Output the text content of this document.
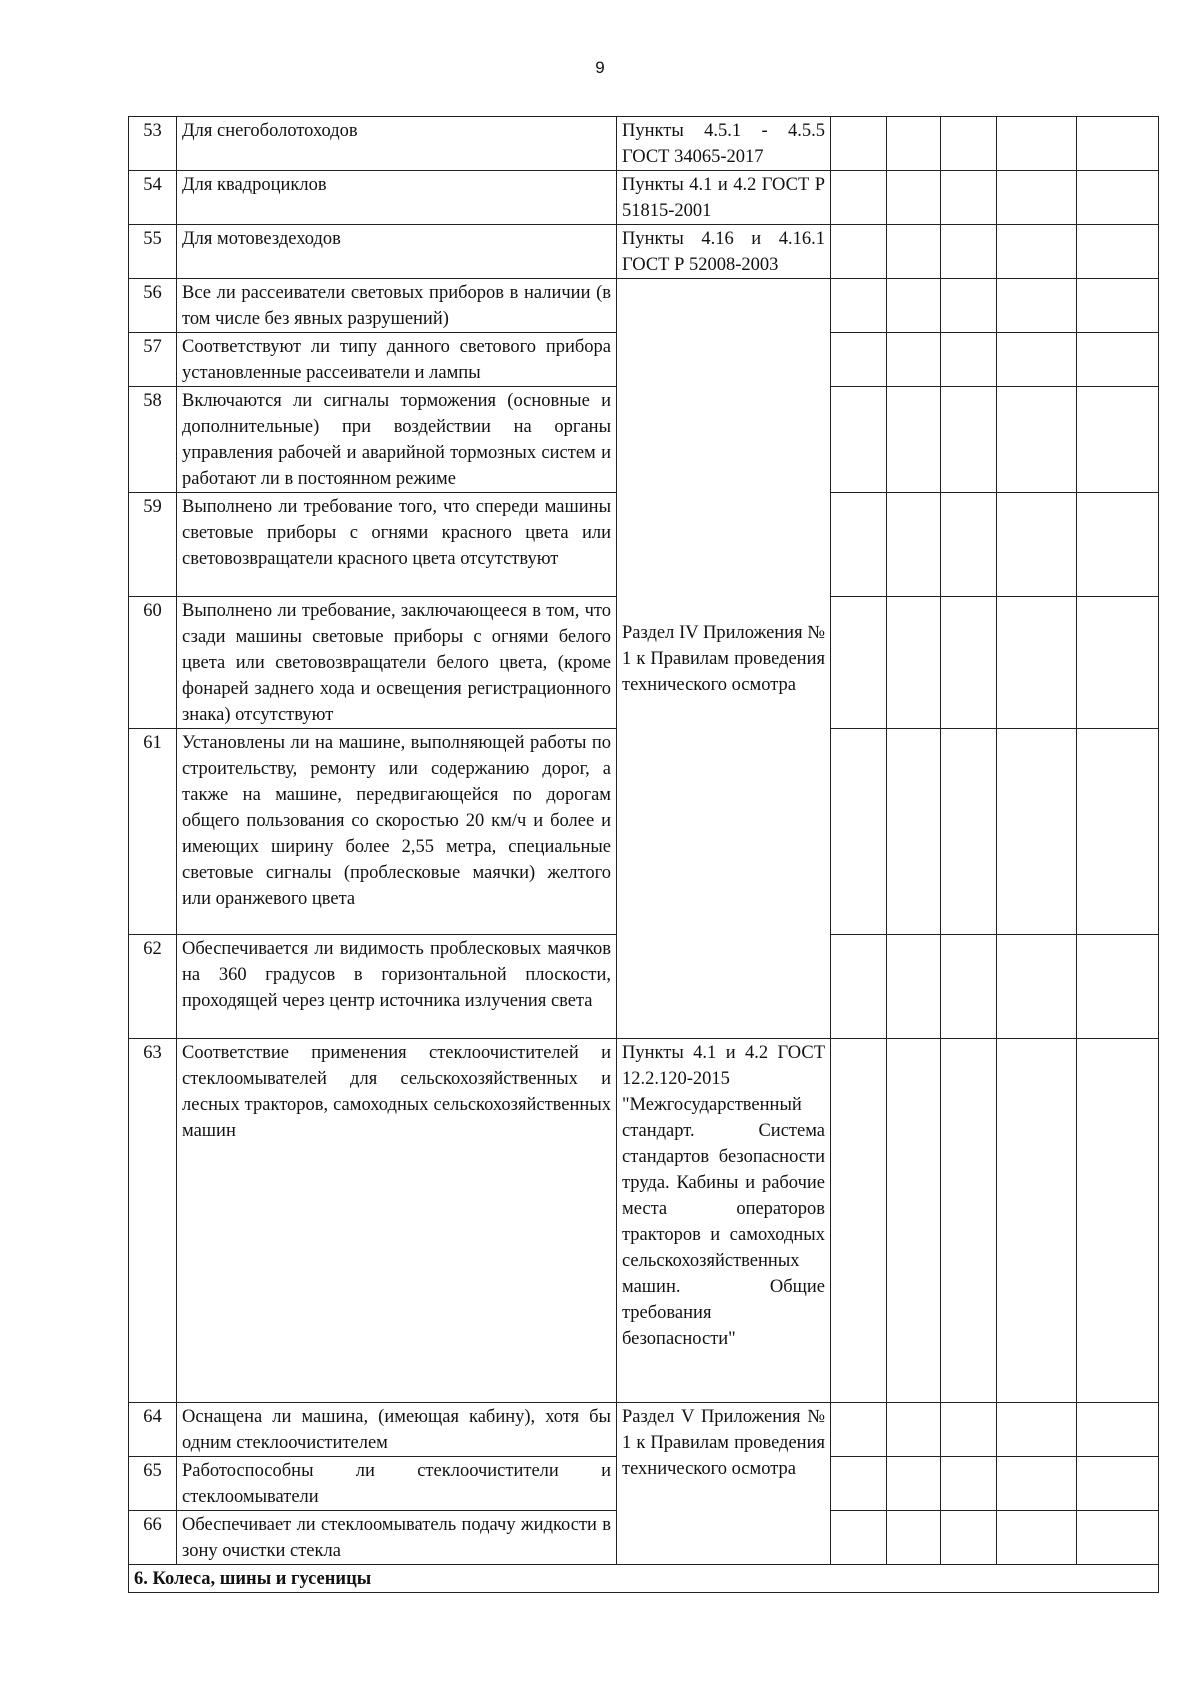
9
53	Для снегоболотоходов	Пункты 4.5.1 - 4.5.5 ГОСТ 34065-2017					
54	Для квадроциклов	Пункты 4.1 и 4.2 ГОСТ Р 51815-2001					
55	Для мотовездеходов	Пункты 4.16 и 4.16.1 ГОСТ Р 52008-2003					
56	Все ли рассеиватели световых приборов в наличии (в том числе без явных разрушений)	Раздел IV Приложения № 1 к Правилам проведения технического осмотра					
57	Соответствуют ли типу данного светового прибора установленные рассеиватели и лампы						
58	Включаются ли сигналы торможения (основные и дополнительные) при воздействии на органы управления рабочей и аварийной тормозных систем и работают ли в постоянном режиме						
59	Выполнено ли требование того, что спереди машины световые приборы с огнями красного цвета или световозвращатели красного цвета отсутствуют						
60	Выполнено ли требование, заключающееся в том, что сзади машины световые приборы с огнями белого цвета или световозвращатели белого цвета, (кроме фонарей заднего хода и освещения регистрационного знака) отсутствуют						
61	Установлены ли на машине, выполняющей работы по строительству, ремонту или содержанию дорог, а также на машине, передвигающейся по дорогам общего пользования со скоростью 20 км/ч и более и имеющих ширину более 2,55 метра, специальные световые сигналы (проблесковые маячки) желтого или оранжевого цвета						
62	Обеспечивается ли видимость проблесковых маячков на 360 градусов в горизонтальной плоскости, проходящей через центр источника излучения света						
63	Соответствие применения стеклоочистителей и стеклоомывателей для сельскохозяйственных и лесных тракторов, самоходных сельскохозяйственных машин	Пункты 4.1 и 4.2 ГОСТ 12.2.120-2015 "Межгосударственный стандарт. Система стандартов безопасности труда. Кабины и рабочие места операторов тракторов и самоходных сельскохозяйственных машин. Общие требования безопасности"					
64	Оснащена ли машина, (имеющая кабину), хотя бы одним стеклоочистителем	Раздел V Приложения № 1 к Правилам проведения технического осмотра					
65	Работоспособны ли стеклоочистители и стеклоомыватели						
66	Обеспечивает ли стеклоомыватель подачу жидкости в зону очистки стекла						
6. Колеса, шины и гусеницы							
